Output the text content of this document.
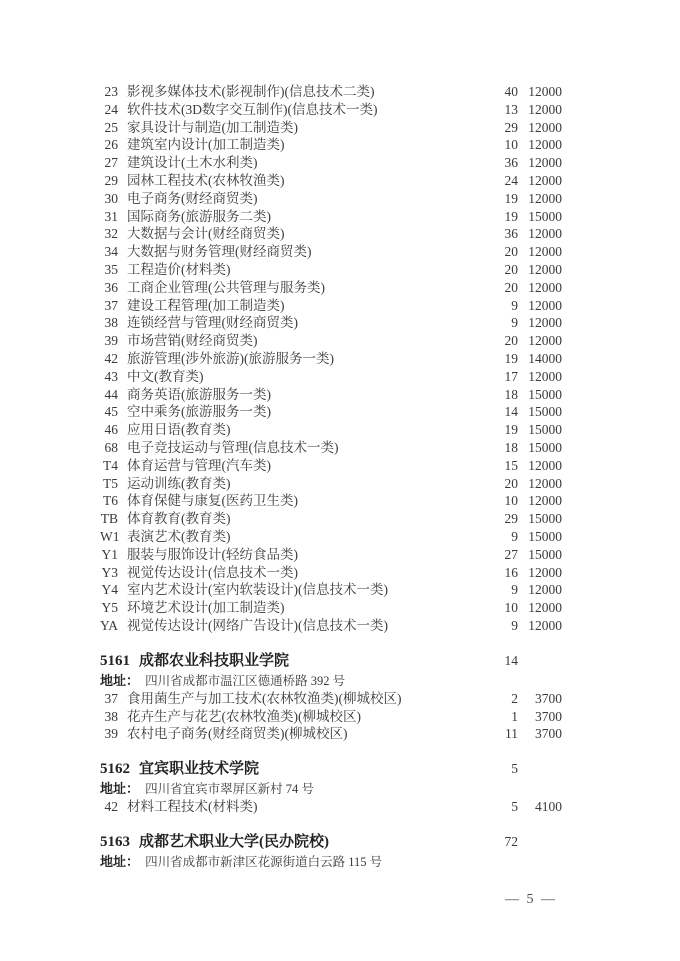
23 影视多媒体技术(影视制作)(信息技术二类)	40 12000
24 软件技术(3D数字交互制作)(信息技术一类)	13 12000
25 家具设计与制造(加工制造类)	29 12000
26 建筑室内设计(加工制造类)	10 12000
27 建筑设计(土木水利类)	36 12000
29 园林工程技术(农林牧渔类)	24 12000
30 电子商务(财经商贸类)	19 12000
31 国际商务(旅游服务二类)	19 15000
32 大数据与会计(财经商贸类)	36 12000
34 大数据与财务管理(财经商贸类)	20 12000
35 工程造价(材料类)	20 12000
36 工商企业管理(公共管理与服务类)	20 12000
37 建设工程管理(加工制造类)	9 12000
38 连锁经营与管理(财经商贸类)	9 12000
39 市场营销(财经商贸类)	20 12000
42 旅游管理(涉外旅游)(旅游服务一类)	19 14000
43 中文(教育类)	17 12000
44 商务英语(旅游服务一类)	18 15000
45 空中乘务(旅游服务一类)	14 15000
46 应用日语(教育类)	19 15000
68 电子竞技运动与管理(信息技术一类)	18 15000
T4 体育运营与管理(汽车类)	15 12000
T5 运动训练(教育类)	20 12000
T6 体育保健与康复(医药卫生类)	10 12000
TB 体育教育(教育类)	29 15000
W1 表演艺术(教育类)	9 15000
Y1 服装与服饰设计(轻纺食品类)	27 15000
Y3 视觉传达设计(信息技术一类)	16 12000
Y4 室内艺术设计(室内软装设计)(信息技术一类)	9 12000
Y5 环境艺术设计(加工制造类)	10 12000
YA 视觉传达设计(网络广告设计)(信息技术一类)	9 12000
5161 成都农业科技职业学院	14
地址： 四川省成都市温江区德通桥路 392 号
37 食用菌生产与加工技术(农林牧渔类)(柳城校区)	2	3700
38 花卉生产与花艺(农林牧渔类)(柳城校区)	1	3700
39 农村电子商务(财经商贸类)(柳城校区)	11	3700
5162 宜宾职业技术学院	5
地址： 四川省宜宾市翠屏区新村 74 号
42 材料工程技术(材料类)	5	4100
5163 成都艺术职业大学(民办院校)	72
地址： 四川省成都市新津区花源街道白云路 115 号
— 5 —
